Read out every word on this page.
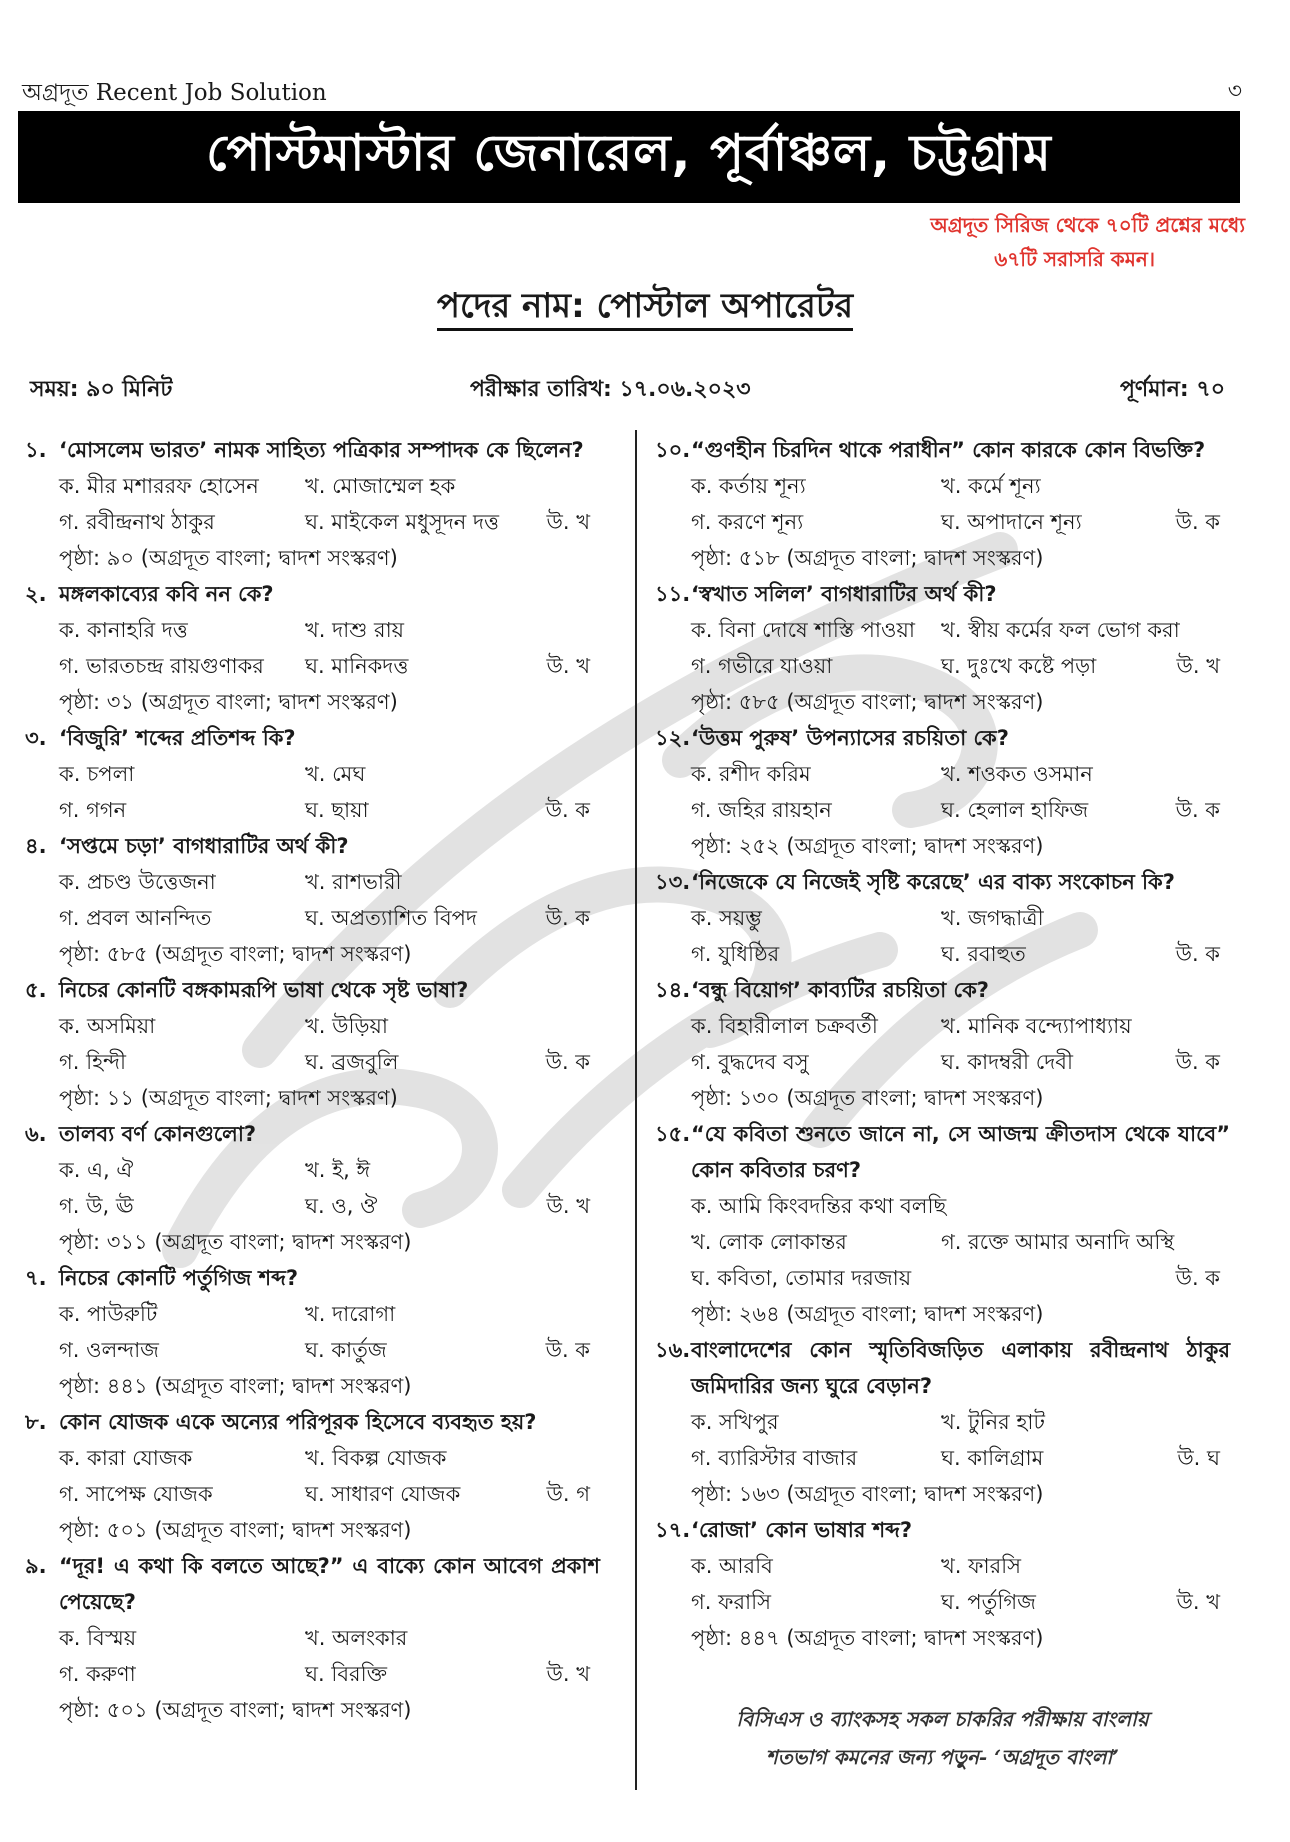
অগ্রদূত Recent Job Solution	৩
পোস্টমাস্টার জেনারেল, পূর্বাঞ্চল, চট্টগ্রাম
অগ্রদূত সিরিজ থেকে ৭০টি প্রশ্নের মধ্যে
৬৭টি সরাসরি কমন।
পদের নাম: পোস্টাল অপারেটর
সময়: ৯০ মিনিট	পরীক্ষার তারিখ: ১৭.০৬.২০২৩	পূর্ণমান: ৭০
১. ‘মোসলেম ভারত’ নামক সাহিত্য পত্রিকার সম্পাদক কে ছিলেন?
ক. মীর মশাররফ হোসেন খ. মোজাম্মেল হক
গ. রবীন্দ্রনাথ ঠাকুর	ঘ. মাইকেল মধুসূদন দত্ত উ. খ
পৃষ্ঠা: ৯০ (অগ্রদূত বাংলা; দ্বাদশ সংস্করণ)
২. মঙ্গলকাব্যের কবি নন কে?
ক. কানাহরি দত্ত	খ. দাশু রায়
গ. ভারতচন্দ্র রায়গুণাকর ঘ. মানিকদত্ত	উ. খ
পৃষ্ঠা: ৩১ (অগ্রদূত বাংলা; দ্বাদশ সংস্করণ)
৩. ‘বিজুরি’ শব্দের প্রতিশব্দ কি?
ক. চপলা	খ. মেঘ
গ. গগন	ঘ. ছায়া	উ. ক
৪. ‘সপ্তমে চড়া’ বাগধারাটির অর্থ কী?
ক. প্রচণ্ড উত্তেজনা	খ. রাশভারী
গ. প্রবল আনন্দিত	ঘ. অপ্রত্যাশিত বিপদ	উ. ক
পৃষ্ঠা: ৫৮৫ (অগ্রদূত বাংলা; দ্বাদশ সংস্করণ)
৫. নিচের কোনটি বঙ্গকামরূপি ভাষা থেকে সৃষ্ট ভাষা?
ক. অসমিয়া	খ. উড়িয়া
গ. হিন্দী	ঘ. ব্রজবুলি	উ. ক
পৃষ্ঠা: ১১ (অগ্রদূত বাংলা; দ্বাদশ সংস্করণ)
৬. তালব্য বর্ণ কোনগুলো?
ক. এ, ঐ	খ. ই, ঈ
গ. উ, ঊ	ঘ. ও, ঔ	উ. খ
পৃষ্ঠা: ৩১১ (অগ্রদূত বাংলা; দ্বাদশ সংস্করণ)
৭. নিচের কোনটি পর্তুগিজ শব্দ?
ক. পাউরুটি	খ. দারোগা
গ. ওলন্দাজ	ঘ. কার্তুজ	উ. ক
পৃষ্ঠা: ৪৪১ (অগ্রদূত বাংলা; দ্বাদশ সংস্করণ)
৮. কোন যোজক একে অন্যের পরিপূরক হিসেবে ব্যবহৃত হয়?
ক. কারা যোজক	খ. বিকল্প যোজক
গ. সাপেক্ষ যোজক	ঘ. সাধারণ যোজক	উ. গ
পৃষ্ঠা: ৫০১ (অগ্রদূত বাংলা; দ্বাদশ সংস্করণ)
৯. “দূর! এ কথা কি বলতে আছে?” এ বাক্যে কোন আবেগ প্রকাশ পেয়েছে?
ক. বিস্ময়	খ. অলংকার
গ. করুণা	ঘ. বিরক্তি	উ. খ
পৃষ্ঠা: ৫০১ (অগ্রদূত বাংলা; দ্বাদশ সংস্করণ)
১০. “গুণহীন চিরদিন থাকে পরাধীন” কোন কারকে কোন বিভক্তি?
ক. কর্তায় শূন্য	খ. কর্মে শূন্য
গ. করণে শূন্য	ঘ. অপাদানে শূন্য	উ. ক
পৃষ্ঠা: ৫১৮ (অগ্রদূত বাংলা; দ্বাদশ সংস্করণ)
১১. ‘স্বখাত সলিল’ বাগধারাটির অর্থ কী?
ক. বিনা দোষে শাস্তি পাওয়া খ. স্বীয় কর্মের ফল ভোগ করা
গ. গভীরে যাওয়া	ঘ. দুঃখে কষ্টে পড়া	উ. খ
পৃষ্ঠা: ৫৮৫ (অগ্রদূত বাংলা; দ্বাদশ সংস্করণ)
১২. ‘উত্তম পুরুষ’ উপন্যাসের রচয়িতা কে?
ক. রশীদ করিম	খ. শওকত ওসমান
গ. জহির রায়হান	ঘ. হেলাল হাফিজ	উ. ক
পৃষ্ঠা: ২৫২ (অগ্রদূত বাংলা; দ্বাদশ সংস্করণ)
১৩. ‘নিজেকে যে নিজেই সৃষ্টি করেছে’ এর বাক্য সংকোচন কি?
ক. সয়ম্ভু	খ. জগদ্ধাত্রী
গ. যুধিষ্ঠির	ঘ. রবাহুত	উ. ক
১৪. ‘বন্ধু বিয়োগ’ কাব্যটির রচয়িতা কে?
ক. বিহারীলাল চক্রবর্তী	খ. মানিক বন্দ্যোপাধ্যায়
গ. বুদ্ধদেব বসু	ঘ. কাদম্বরী দেবী	উ. ক
পৃষ্ঠা: ১৩০ (অগ্রদূত বাংলা; দ্বাদশ সংস্করণ)
১৫. “যে কবিতা শুনতে জানে না, সে আজন্ম ক্রীতদাস থেকে যাবে” কোন কবিতার চরণ?
ক. আমি কিংবদন্তির কথা বলছি
খ. লোক লোকান্তর	গ. রক্তে আমার অনাদি অস্থি
ঘ. কবিতা, তোমার দরজায়	উ. ক
পৃষ্ঠা: ২৬৪ (অগ্রদূত বাংলা; দ্বাদশ সংস্করণ)
১৬. বাংলাদেশের কোন স্মৃতিবিজড়িত এলাকায় রবীন্দ্রনাথ ঠাকুর জমিদারির জন্য ঘুরে বেড়ান?
ক. সখিপুর	খ. টুনির হাট
গ. ব্যারিস্টার বাজার	ঘ. কালিগ্রাম	উ. ঘ
পৃষ্ঠা: ১৬৩ (অগ্রদূত বাংলা; দ্বাদশ সংস্করণ)
১৭. ‘রোজা’ কোন ভাষার শব্দ?
ক. আরবি	খ. ফারসি
গ. ফরাসি	ঘ. পর্তুগিজ	উ. খ
পৃষ্ঠা: ৪৪৭ (অগ্রদূত বাংলা; দ্বাদশ সংস্করণ)
বিসিএস ও ব্যাংকসহ সকল চাকরির পরীক্ষায় বাংলায়
শতভাগ কমনের জন্য পড়ুন- ‘অগ্রদূত বাংলা’
